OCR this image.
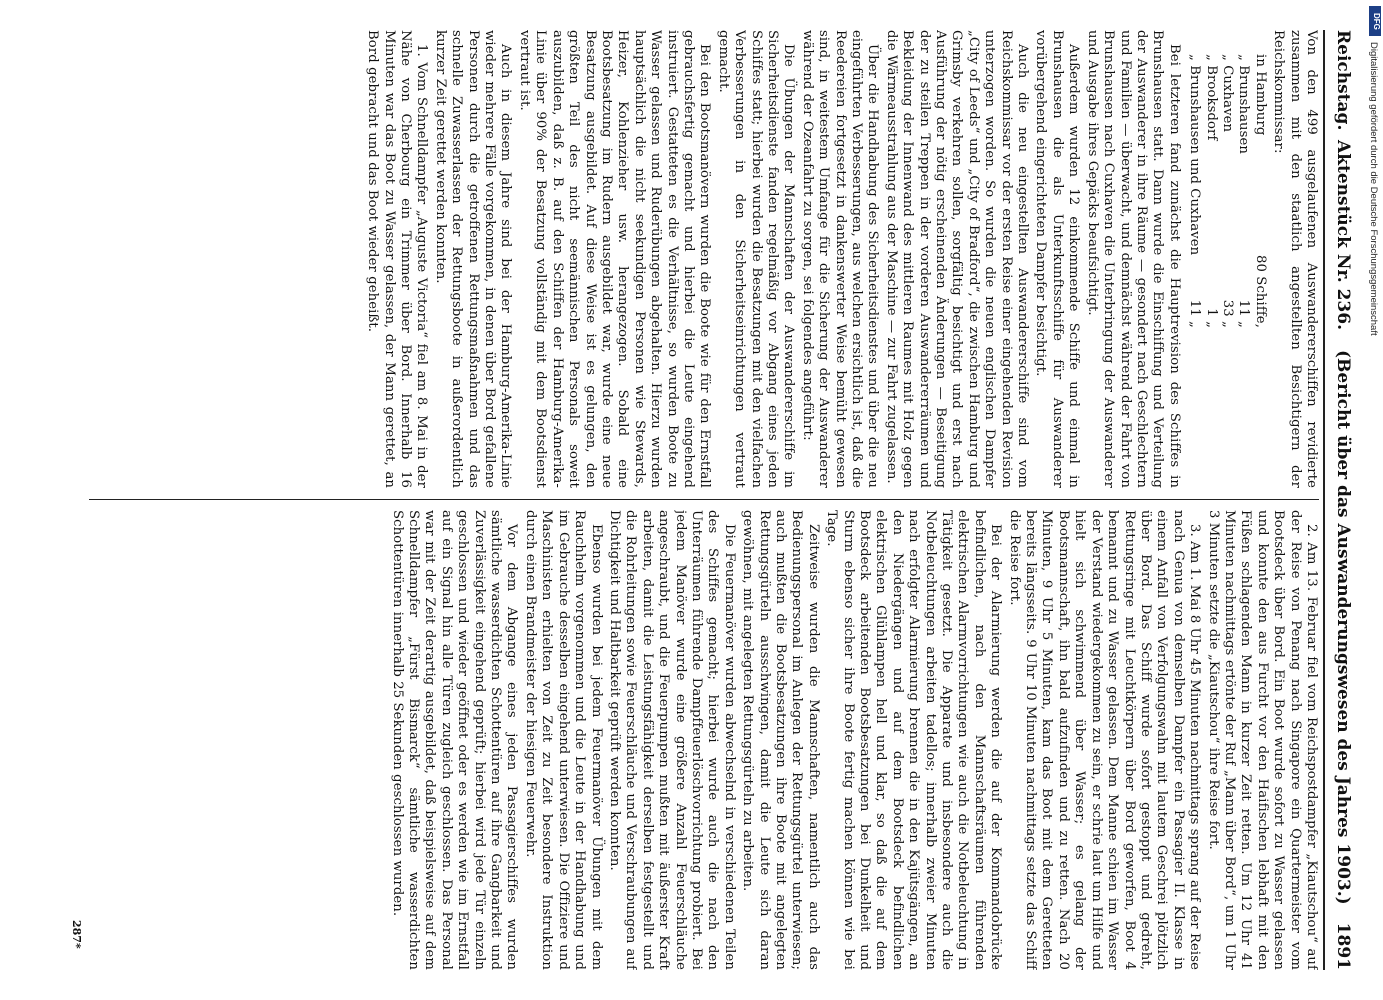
Reichstag.
Aktenstück Nr. 236.
(Bericht über das Auswanderungswesen des Jahres 1903.)
1891

Von den 499 ausgelaufenen Auswandererschiffen revidierte zusammen mit den staatlich angestellten Besichtigern der Reichskommissar:

in Hamburg
80 Schiffe,
„ Brunshausen
11 „
„ Cuxhaven
33 „
„ Brooksdorf
1 „
„ Brunshausen und Cuxhaven
11 „

Bei letzteren fand zunächst die Hauptrevision des Schiffes in Brunshausen statt. Dann wurde die Einschiffung und Verteilung der Auswanderer in ihre Räume — gesondert nach Geschlechtern und Familien — überwacht, und demnächst während der Fahrt von Brunshausen nach Cuxhaven die Unterbringung der Auswanderer und Ausgabe ihres Gepäcks beaufsichtigt.

Außerdem wurden 12 einkommende Schiffe und einmal in Brunshausen die als Unterkunftsschiffe für Auswanderer vorübergehend eingerichteten Dampfer besichtigt.

Auch die neu eingestellten Auswandererschiffe sind vom Reichskommissar vor der ersten Reise einer eingehenden Revision unterzogen worden. So wurden die neuen englischen Dampfer „City of Leeds“ und „City of Bradford“, die zwischen Hamburg und Grimsby verkehren sollen, sorgfältig besichtigt und erst nach Ausführung der nötig erscheinenden Änderungen — Beseitigung der zu steilen Treppen in der vorderen Auswandererräumen und Bekleidung der Innenwand des mittleren Raumes mit Holz gegen die Wärmeausstrahlung aus der Maschine — zur Fahrt zugelassen.

Über die Handhabung des Sicherheitsdienstes und über die neu eingeführten Verbesserungen, aus welchen ersichtlich ist, daß die Reedereien fortgesetzt in dankenswerter Weise bemüht gewesen sind, in weitestem Umfange für die Sicherung der Auswanderer während der Ozeanfahrt zu sorgen, sei folgendes angeführt:

Die Übungen der Mannschaften der Auswandererschiffe im Sicherheitsdienste fanden regelmäßig vor Abgang eines jeden Schiffes statt; hierbei wurden die Besatzungen mit den vielfachen Verbesserungen in den Sicherheitseinrichtungen vertraut gemacht.

Bei den Bootsmanövern wurden die Boote wie für den Ernstfall gebrauchsfertig gemacht und hierbei die Leute eingehend instruiert. Gestatteten es die Verhältnisse, so wurden Boote zu Wasser gelassen und Ruderübungen abgehalten. Hierzu wurden hauptsächlich die nicht seekundigen Personen wie Stewards, Heizer, Kohlenzieher usw. herangezogen. Sobald eine Bootsbesatzung im Rudern ausgebildet war, wurde eine neue Besatzung ausgebildet. Auf diese Weise ist es gelungen, den größten Teil des nicht seemännischen Personals soweit auszubilden, daß z. B. auf den Schiffen der Hamburg-Amerika-Linie über 90% der Besatzung vollständig mit dem Bootsdienst vertraut ist.

Auch in diesem Jahre sind bei der Hamburg-Amerika-Linie wieder mehrere Fälle vorgekommen, in denen über Bord gefallene Personen durch die getroffenen Rettungsmaßnahmen und das schnelle Zuwasserlassen der Rettungsboote in außerordentlich kurzer Zeit gerettet werden konnten.

1. Vom Schnelldampfer „Auguste Victoria“ fiel am 8. Mai in der Nähe von Cherbourg ein Trimmer über Bord. Innerhalb 16 Minuten war das Boot zu Wasser gelassen, der Mann gerettet, an Bord gebracht und das Boot wieder geheißt.

2. Am 13. Februar fiel vom Reichspostdampfer „Kiautschou“ auf der Reise von Penang nach Singapore ein Quartermeister vom Bootsdeck über Bord. Ein Boot wurde sofort zu Wasser gelassen und konnte den aus Furcht vor den Haifischen lebhaft mit den Füßen schlagenden Mann in kurzer Zeit retten. Um 12 Uhr 41 Minuten nachmittags ertönte der Ruf „Mann über Bord“, um 1 Uhr 3 Minuten setzte die „Kiautschou“ ihre Reise fort.

3. Am 1. Mai 8 Uhr 45 Minuten nachmittags sprang auf der Reise nach Genua von demselben Dampfer ein Passagier II. Klasse in einem Anfall von Verfolgungswahn mit lautem Geschrei plötzlich über Bord. Das Schiff wurde sofort gestoppt und gedreht, Rettungsringe mit Leuchtkörpern über Bord geworfen, Boot 4 bemannt und zu Wasser gelassen. Dem Manne schien im Wasser der Verstand wiedergekommen zu sein, er schrie laut um Hilfe und hielt sich schwimmend über Wasser; es gelang der Bootsmannschaft, ihn bald aufzufinden und zu retten. Nach 20 Minuten, 9 Uhr 5 Minuten, kam das Boot mit dem Geretteten bereits längsseits. 9 Uhr 10 Minuten nachmittags setzte das Schiff die Reise fort.

Bei der Alarmierung werden die auf der Kommandobrücke befindlichen, nach den Mannschaftsräumen führenden elektrischen Alarmvorrichtungen wie auch die Notbeleuchtung in Tätigkeit gesetzt. Die Apparate und insbesondere auch die Notbeleuchtungen arbeiten tadellos; innerhalb zweier Minuten nach erfolgter Alarmierung brennen die in den Kajütsgängen, an den Niedergängen und auf dem Bootsdeck befindlichen elektrischen Glühlampen hell und klar, so daß die auf dem Bootsdeck arbeitenden Bootsbesatzungen bei Dunkelheit und Sturm ebenso sicher ihre Boote fertig machen können wie bei Tage.

Zeitweise wurden die Mannschaften, namentlich auch das Bedienungspersonal im Anlegen der Rettungsgürtel unterwiesen; auch mußten die Bootsbesatzungen ihre Boote mit angelegten Rettungsgürteln ausschwingen, damit die Leute sich daran gewöhnen, mit angelegten Rettungsgürteln zu arbeiten.

Die Feuermanöver wurden abwechselnd in verschiedenen Teilen des Schiffes gemacht; hierbei wurde auch die nach den Unterräumen führende Dampffeuerlöschvorrichtung probiert. Bei jedem Manöver wurde eine größere Anzahl Feuerschläuche angeschraubt, und die Feuerpumpen mußten mit äußerster Kraft arbeiten, damit die Leistungsfähigkeit derselben festgestellt und die Rohrleitungen sowie Feuerschläuche und Verschraubungen auf Dichtigkeit und Haltbarkeit geprüft werden konnten.

Ebenso wurden bei jedem Feuermanöver Übungen mit dem Rauchhelm vorgenommen und die Leute in der Handhabung und im Gebrauche desselben eingehend unterwiesen. Die Offiziere und Maschinisten erhielten von Zeit zu Zeit besondere Instruktion durch einen Brandmeister der hiesigen Feuerwehr.

Vor dem Abgange eines jeden Passagierschiffes wurden sämtliche wasserdichten Schottentüren auf ihre Gangbarkeit und Zuverlässigkeit eingehend geprüft; hierbei wird jede Tür einzeln geschlossen und wieder geöffnet oder es werden wie im Ernstfall auf ein Signal hin alle Türen zugleich geschlossen. Das Personal war mit der Zeit derartig ausgebildet, daß beispielsweise auf dem Schnelldampfer „Fürst Bismarck“ sämtliche wasserdichten Schottentüren innerhalb 25 Sekunden geschlossen wurden.

287*
DFG
Digitalisierung gefördert durch die Deutsche Forschungsgemeinschaft
